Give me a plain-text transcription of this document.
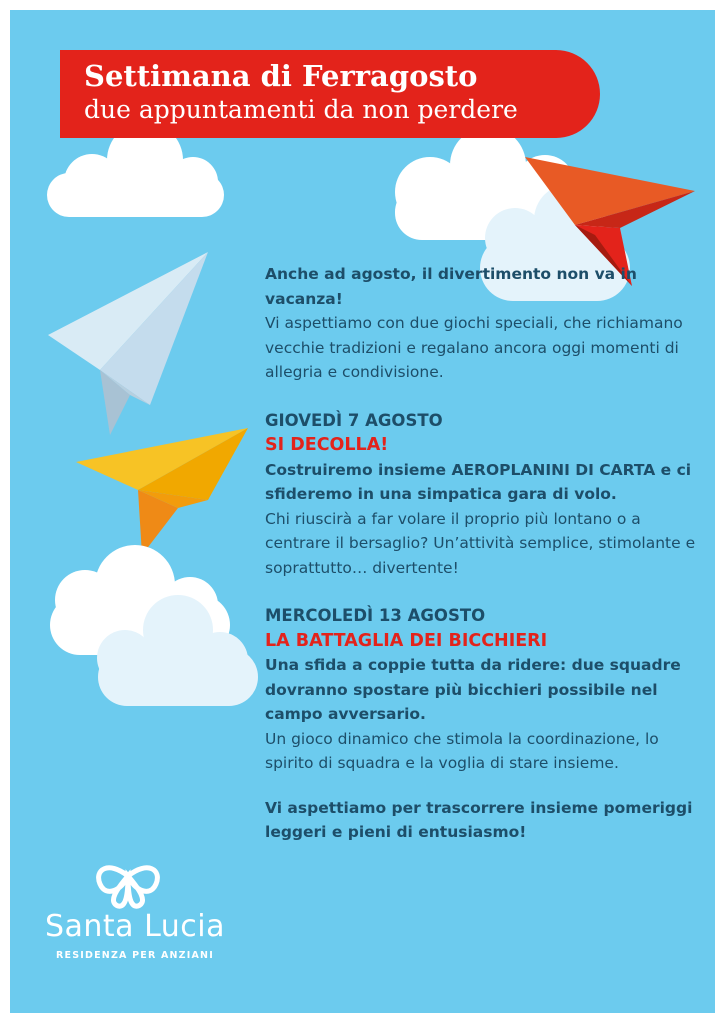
Settimana di Ferragosto
due appuntamenti da non perdere

Anche ad agosto, il divertimento non va in vacanza!

Vi aspettiamo con due giochi speciali, che richiamano vecchie tradizioni e regalano ancora oggi momenti di allegria e condivisione.

GIOVEDÌ 7 AGOSTO

SI DECOLLA!

Costruiremo insieme AEROPLANINI DI CARTA e ci sfideremo in una simpatica gara di volo.

Chi riuscirà a far volare il proprio più lontano o a centrare il bersaglio? Un’attività semplice, stimolante e soprattutto… divertente!

MERCOLEDÌ 13 AGOSTO

LA BATTAGLIA DEI BICCHIERI

Una sfida a coppie tutta da ridere: due squadre dovranno spostare più bicchieri possibile nel campo avversario.

Un gioco dinamico che stimola la coordinazione, lo spirito di squadra e la voglia di stare insieme.

Vi aspettiamo per trascorrere insieme pomeriggi leggeri e pieni di entusiasmo!

Santa Lucia
RESIDENZA PER ANZIANI
